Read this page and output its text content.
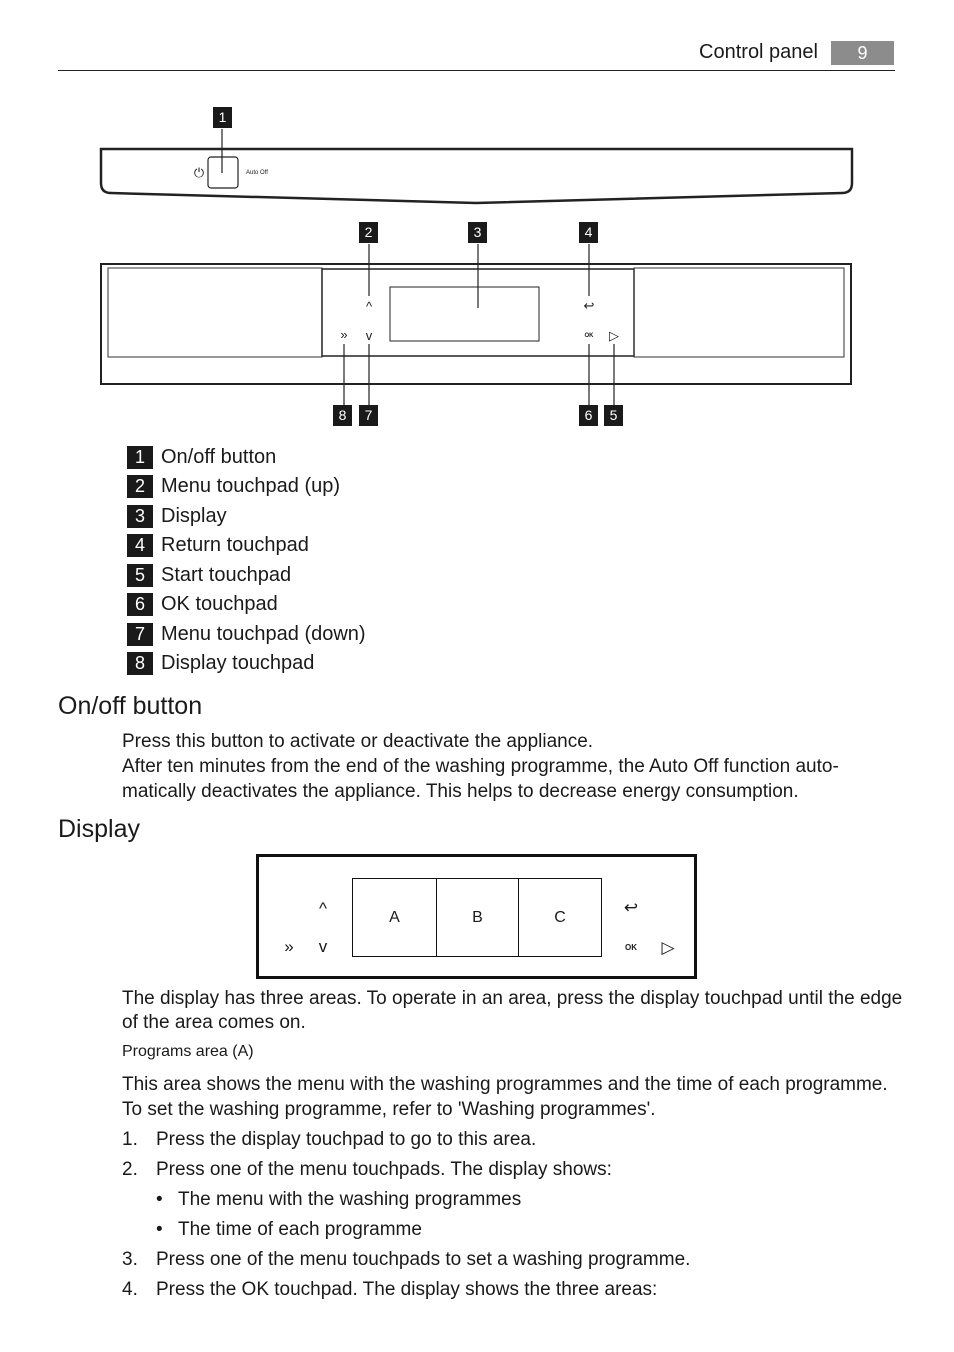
Control panel	9
⏻	Auto Off
^
v
»
↩
OK	▷
1
2	3	4
5
6
7
8
1 On/off button
2 Menu touchpad (up)
3 Display
4 Return touchpad
5 Start touchpad
6 OK touchpad
7 Menu touchpad (down)
8 Display touchpad
On/off button
Press this button to activate or deactivate the appliance.
After ten minutes from the end of the washing programme, the Auto Off function auto-
matically deactivates the appliance. This helps to decrease energy consumption.
Display
A	B	C
^
v
»
↩
OK	▷
The display has three areas. To operate in an area, press the display touchpad until the edge
of the area comes on.
Programs area (A)
This area shows the menu with the washing programmes and the time of each programme.
To set the washing programme, refer to 'Washing programmes'.
1. Press the display touchpad to go to this area.
2. Press one of the menu touchpads. The display shows:
• The menu with the washing programmes
• The time of each programme
3. Press one of the menu touchpads to set a washing programme.
4. Press the OK touchpad. The display shows the three areas:
